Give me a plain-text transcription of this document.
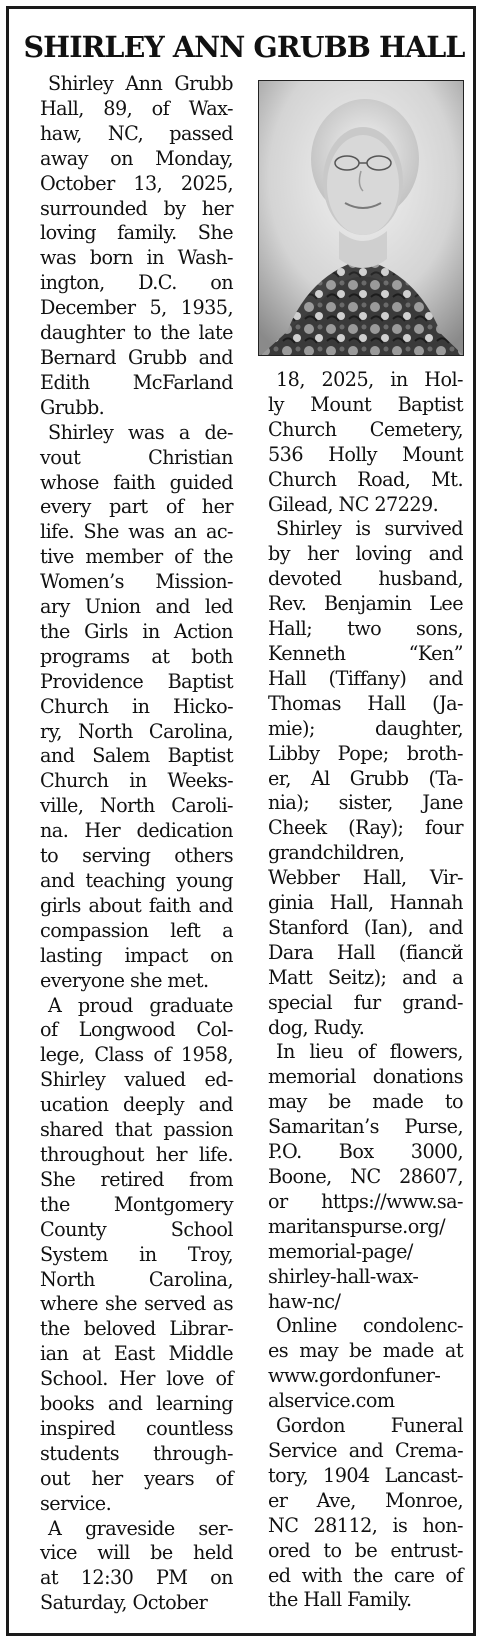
SHIRLEY ANN GRUBB HALL

Shirley Ann Grubb
Hall, 89, of Wax-
haw, NC, passed
away on Monday,
October 13, 2025,
surrounded by her
loving family. She
was born in Wash-
ington, D.C. on
December 5, 1935,
daughter to the late
Bernard Grubb and
Edith McFarland
Grubb.

Shirley was a de-
vout Christian
whose faith guided
every part of her
life. She was an ac-
tive member of the
Women’s Mission-
ary Union and led
the Girls in Action
programs at both
Providence Baptist
Church in Hicko-
ry, North Carolina,
and Salem Baptist
Church in Weeks-
ville, North Caroli-
na. Her dedication
to serving others
and teaching young
girls about faith and
compassion left a
lasting impact on
everyone she met.

A proud graduate
of Longwood Col-
lege, Class of 1958,
Shirley valued ed-
ucation deeply and
shared that passion
throughout her life.
She retired from
the Montgomery
County School
System in Troy,
North Carolina,
where she served as
the beloved Librar-
ian at East Middle
School. Her love of
books and learning
inspired countless
students through-
out her years of
service.

A graveside ser-
vice will be held
at 12:30 PM on
Saturday, October

18, 2025, in Hol-
ly Mount Baptist
Church Cemetery,
536 Holly Mount
Church Road, Mt.
Gilead, NC 27229.

Shirley is survived
by her loving and
devoted husband,
Rev. Benjamin Lee
Hall; two sons,
Kenneth “Ken”
Hall (Tiffany) and
Thomas Hall (Ja-
mie); daughter,
Libby Pope; broth-
er, Al Grubb (Ta-
nia); sister, Jane
Cheek (Ray); four
grandchildren,
Webber Hall, Vir-
ginia Hall, Hannah
Stanford (Ian), and
Dara Hall (fiancй
Matt Seitz); and a
special fur grand-
dog, Rudy.

In lieu of flowers,
memorial donations
may be made to
Samaritan’s Purse,
P.O. Box 3000,
Boone, NC 28607,
or https://www.sa-
maritanspurse.org/
memorial-page/
shirley-hall-wax-
haw-nc/

Online condolenc-
es may be made at
www.gordonfuner-
alservice.com

Gordon Funeral
Service and Crema-
tory, 1904 Lancast-
er Ave, Monroe,
NC 28112, is hon-
ored to be entrust-
ed with the care of
the Hall Family.
